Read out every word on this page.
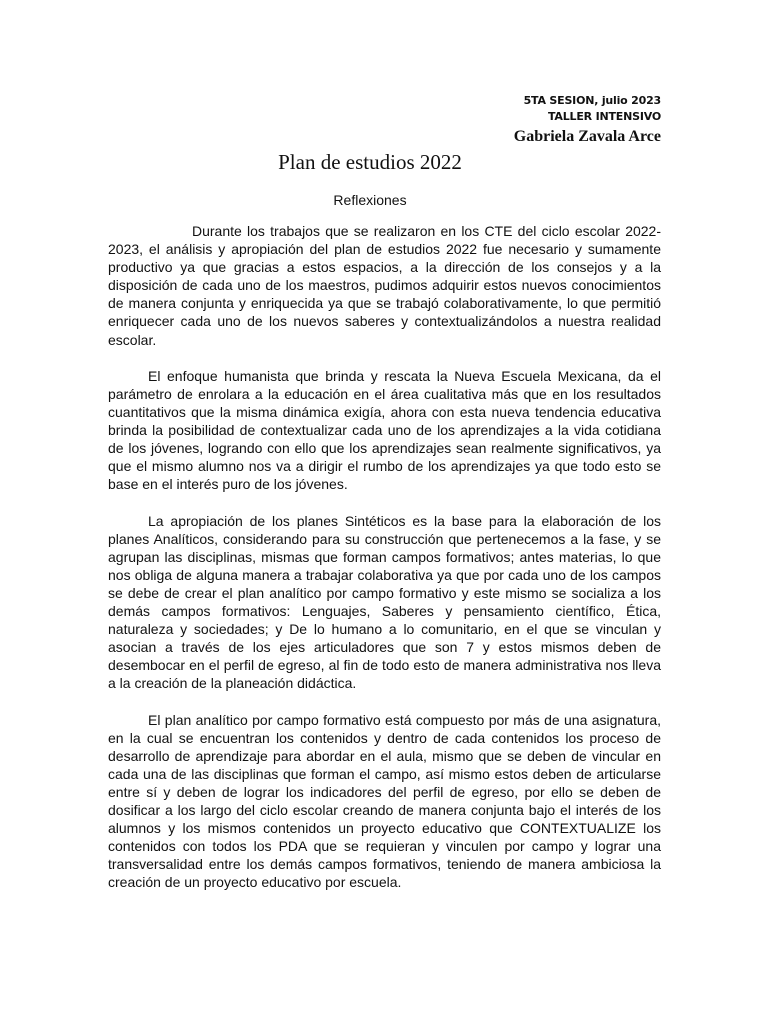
5TA SESION, julio 2023
TALLER INTENSIVO
Gabriela Zavala Arce
Plan de estudios 2022
Reflexiones

Durante los trabajos que se realizaron en los CTE del ciclo escolar 2022-2023, el análisis y apropiación del plan de estudios 2022 fue necesario y sumamente productivo ya que gracias a estos espacios, a la dirección de los consejos y a la disposición de cada uno de los maestros, pudimos adquirir estos nuevos conocimientos de manera conjunta y enriquecida ya que se trabajó colaborativamente, lo que permitió enriquecer cada uno de los nuevos saberes y contextualizándolos a nuestra realidad escolar.

El enfoque humanista que brinda y rescata la Nueva Escuela Mexicana, da el parámetro de enrolara a la educación en el área cualitativa más que en los resultados cuantitativos que la misma dinámica exigía, ahora con esta nueva tendencia educativa brinda la posibilidad de contextualizar cada uno de los aprendizajes a la vida cotidiana de los jóvenes, logrando con ello que los aprendizajes sean realmente significativos, ya que el mismo alumno nos va a dirigir el rumbo de los aprendizajes ya que todo esto se base en el interés puro de los jóvenes.

La apropiación de los planes Sintéticos es la base para la elaboración de los planes Analíticos, considerando para su construcción que pertenecemos a la fase, y se agrupan las disciplinas, mismas que forman campos formativos; antes materias, lo que nos obliga de alguna manera a trabajar colaborativa ya que por cada uno de los campos se debe de crear el plan analítico por campo formativo y este mismo se socializa a los demás campos formativos: Lenguajes, Saberes y pensamiento científico, Ética, naturaleza y sociedades; y De lo humano a lo comunitario, en el que se vinculan y asocian a través de los ejes articuladores que son 7 y estos mismos deben de desembocar en el perfil de egreso, al fin de todo esto de manera administrativa nos lleva a la creación de la planeación didáctica.

El plan analítico por campo formativo está compuesto por más de una asignatura, en la cual se encuentran los contenidos y dentro de cada contenidos los proceso de desarrollo de aprendizaje para abordar en el aula, mismo que se deben de vincular en cada una de las disciplinas que forman el campo, así mismo estos deben de articularse entre sí y deben de lograr los indicadores del perfil de egreso, por ello se deben de dosificar a los largo del ciclo escolar creando de manera conjunta bajo el interés de los alumnos y los mismos contenidos un proyecto educativo que CONTEXTUALIZE los contenidos con todos los PDA que se requieran y vinculen por campo y lograr una transversalidad entre los demás campos formativos, teniendo de manera ambiciosa la creación de un proyecto educativo por escuela.
